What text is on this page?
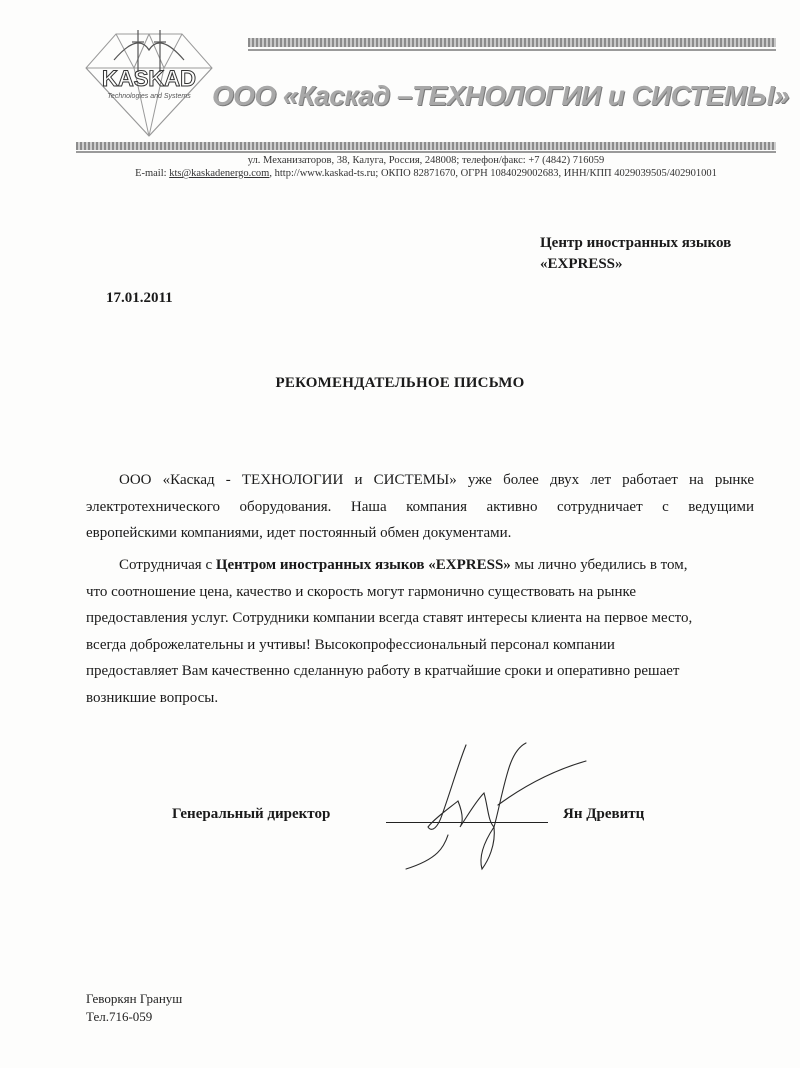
KASKAD
Technologies and Systems ООО «Каскад –ТЕХНОЛОГИИ и СИСТЕМЫ»
ул. Механизаторов, 38, Калуга, Россия, 248008; телефон/факс: +7 (4842) 716059
E-mail: kts@kaskadenergo.com, http://www.kaskad-ts.ru; ОКПО 82871670, ОГРН 1084029002683, ИНН/КПП 4029039505/402901001
Центр иностранных языков
«EXPRESS»
17.01.2011
РЕКОМЕНДАТЕЛЬНОЕ ПИСЬМО
ООО «Каскад - ТЕХНОЛОГИИ и СИСТЕМЫ» уже более двух лет работает на рынке
электротехнического оборудования. Наша компания активно сотрудничает с ведущими
европейскими компаниями, идет постоянный обмен документами.
Сотрудничая с Центром иностранных языков «EXPRESS» мы лично убедились в том,
что соотношение цена, качество и скорость могут гармонично существовать на рынке
предоставления услуг. Сотрудники компании всегда ставят интересы клиента на первое место,
всегда доброжелательны и учтивы! Высокопрофессиональный персонал компании
предоставляет Вам качественно сделанную работу в кратчайшие сроки и оперативно решает
возникшие вопросы.
Генеральный директор	Ян Древитц
Геворкян Грануш
Тел.716-059
